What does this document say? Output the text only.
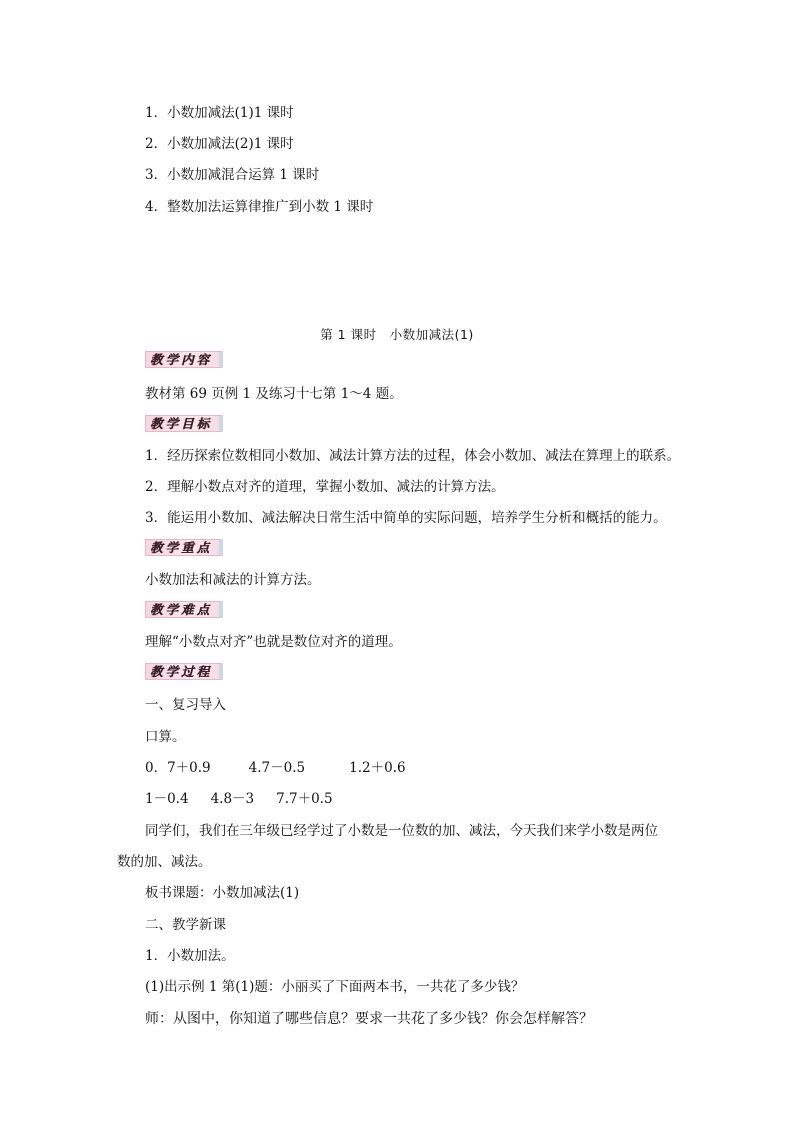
1．小数加减法(1)1 课时
2．小数加减法(2)1 课时
3．小数加减混合运算 1 课时
4．整数加法运算律推广到小数 1 课时
第 1 课时　小数加减法(1)
教学内容
教材第 69 页例 1 及练习十七第 1～4 题。
教学目标
1．经历探索位数相同小数加、减法计算方法的过程，体会小数加、减法在算理上的联系。
2．理解小数点对齐的道理，掌握小数加、减法的计算方法。
3．能运用小数加、减法解决日常生活中简单的实际问题，培养学生分析和概括的能力。
教学重点
小数加法和减法的计算方法。
教学难点
理解“小数点对齐”也就是数位对齐的道理。
教学过程
一、复习导入
口算。
0．7＋0.9	4.7－0.5	1.2＋0.6
1－0.4 4.8－3 7.7＋0.5
同学们，我们在三年级已经学过了小数是一位数的加、减法，今天我们来学小数是两位
数的加、减法。
板书课题：小数加减法(1)
二、教学新课
1．小数加法。
(1)出示例 1 第(1)题：小丽买了下面两本书，一共花了多少钱？
师：从图中，你知道了哪些信息？要求一共花了多少钱？你会怎样解答？
